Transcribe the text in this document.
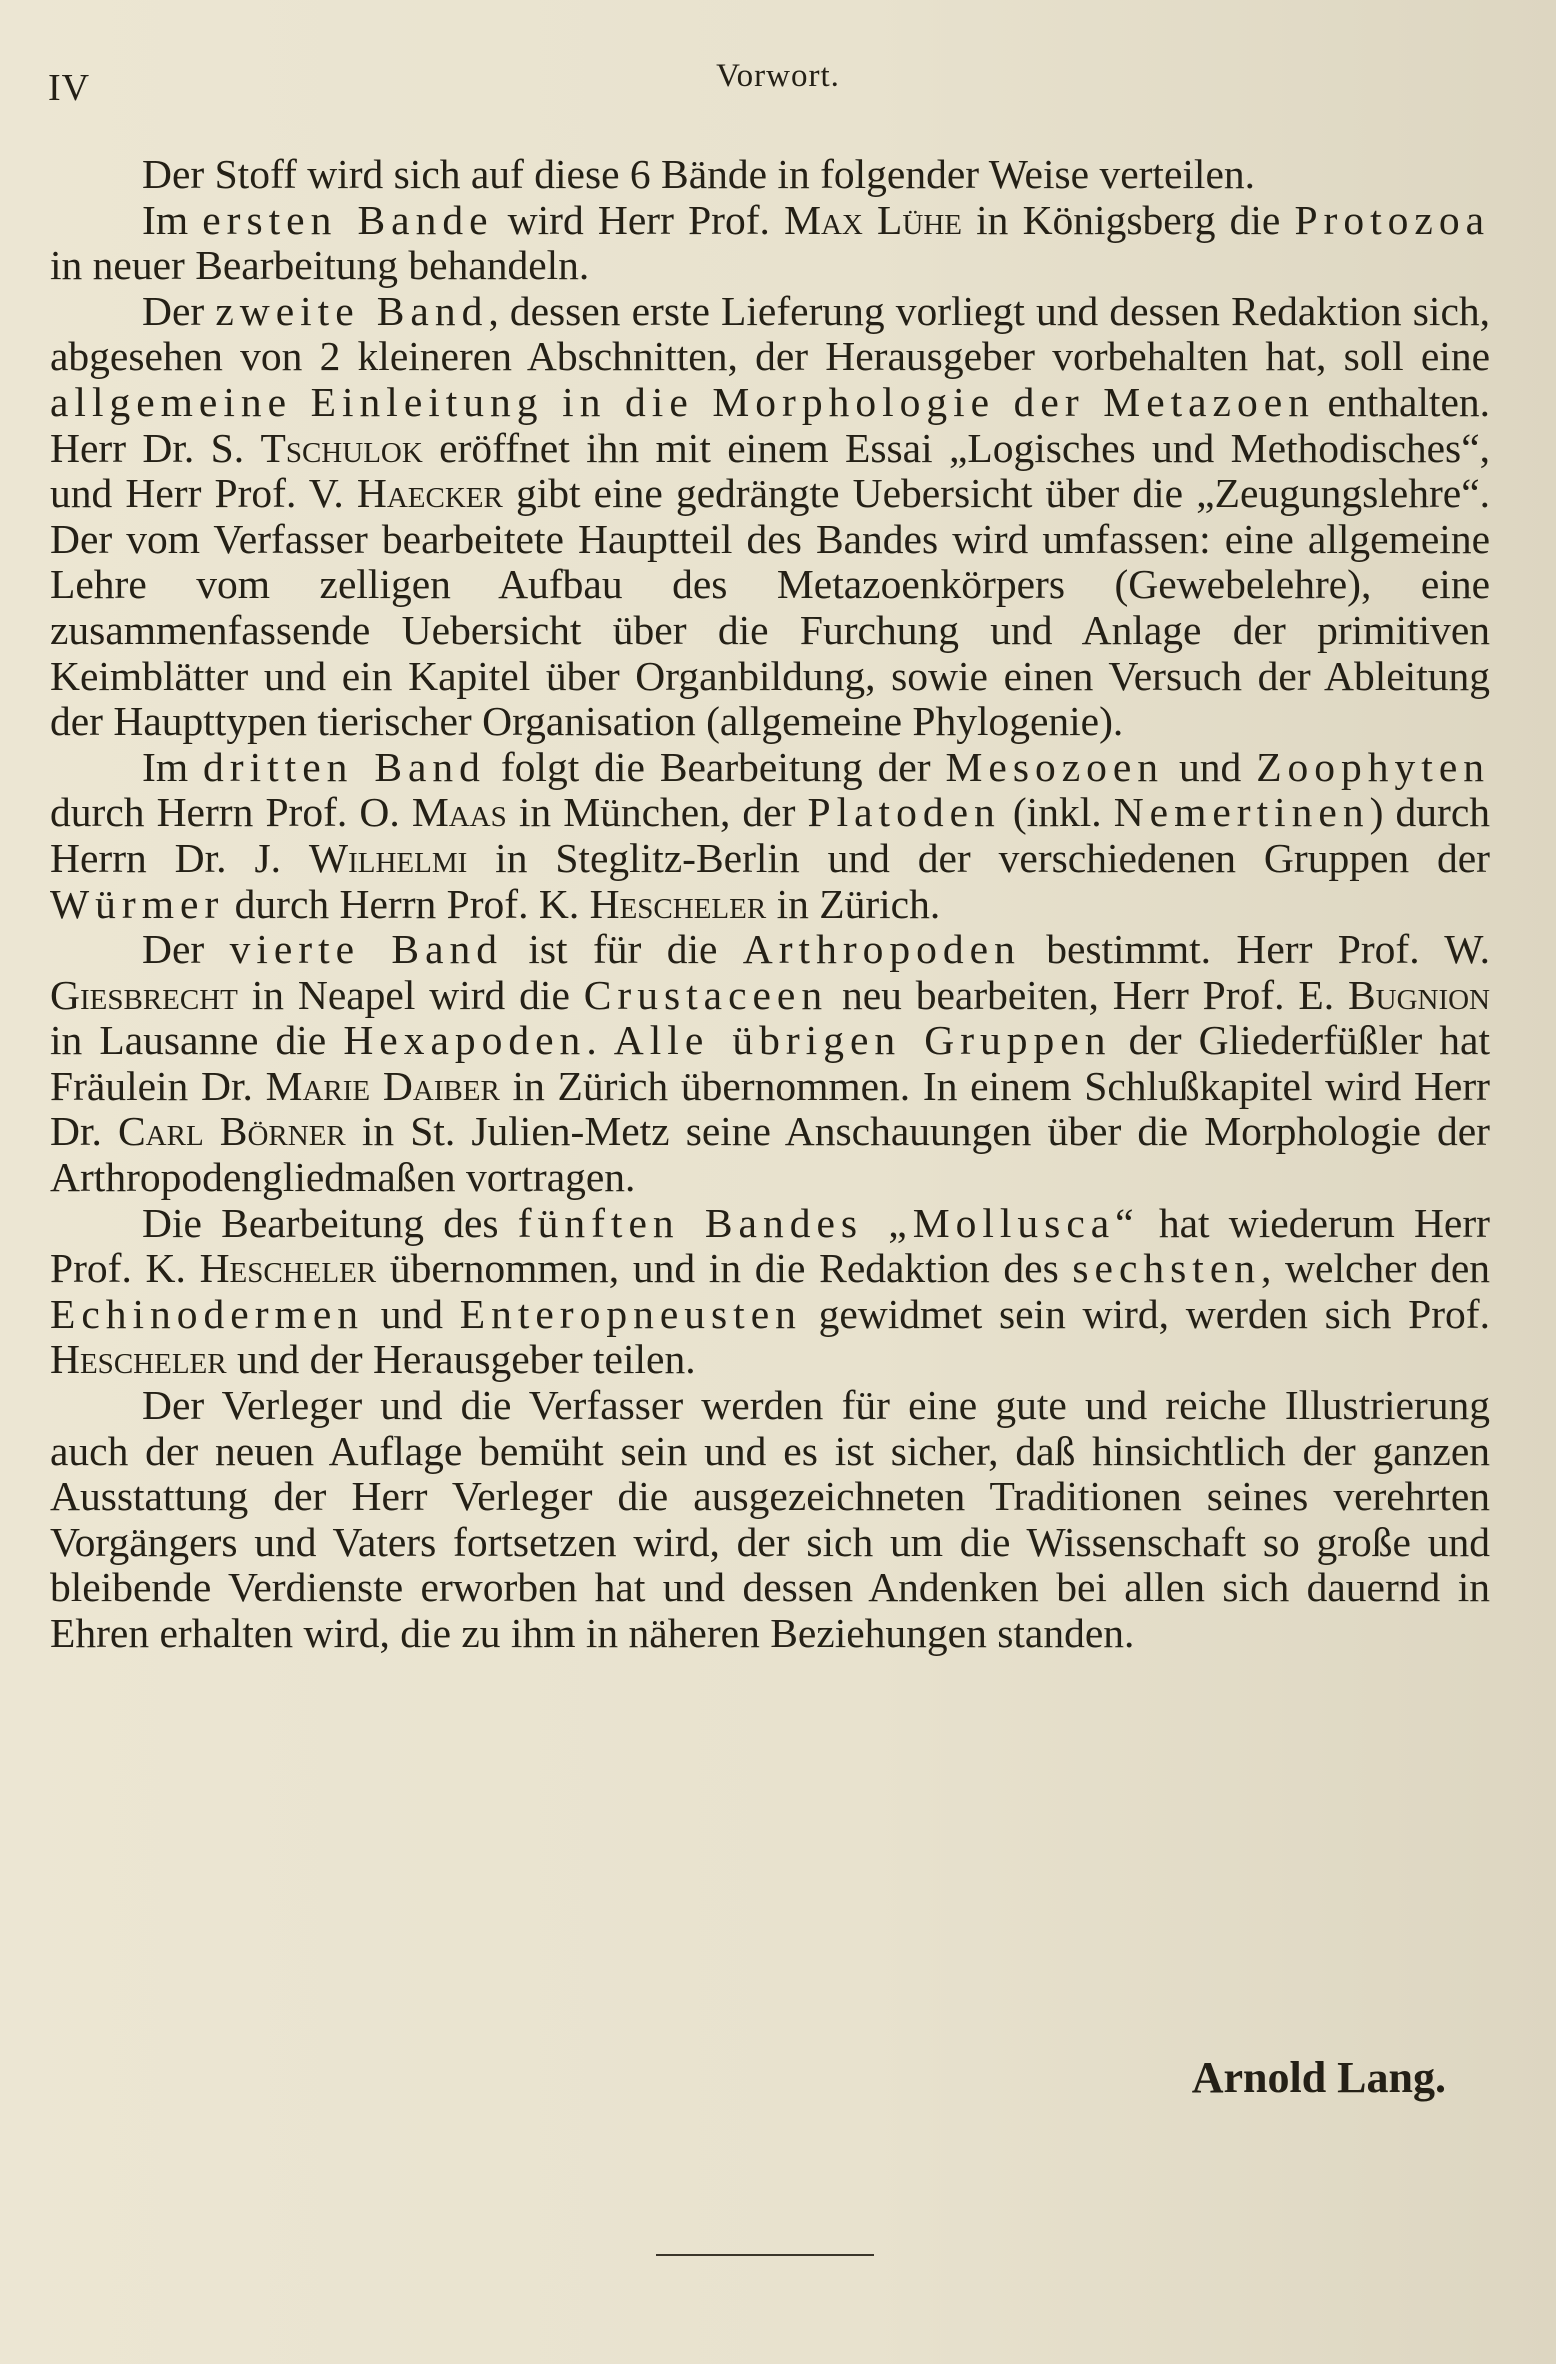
IV	Vorwort.

Der Stoff wird sich auf diese 6 Bände in folgender Weise verteilen.

Im ersten Bande wird Herr Prof. Max Lühe in Königsberg die Protozoa in neuer Bearbeitung behandeln.

Der zweite Band, dessen erste Lieferung vorliegt und dessen Redaktion sich, abgesehen von 2 kleineren Abschnitten, der Herausgeber vorbehalten hat, soll eine allgemeine Einleitung in die Morphologie der Metazoen enthalten. Herr Dr. S. Tschulok eröffnet ihn mit einem Essai „Logisches und Methodisches“, und Herr Prof. V. Haecker gibt eine gedrängte Uebersicht über die „Zeugungslehre“. Der vom Verfasser bearbeitete Hauptteil des Bandes wird umfassen: eine allgemeine Lehre vom zelligen Aufbau des Metazoenkörpers (Gewebelehre), eine zusammenfassende Uebersicht über die Furchung und Anlage der primitiven Keimblätter und ein Kapitel über Organbildung, sowie einen Versuch der Ableitung der Haupttypen tierischer Organisation (allgemeine Phylogenie).

Im dritten Band folgt die Bearbeitung der Mesozoen und Zoophyten durch Herrn Prof. O. Maas in München, der Platoden (inkl. Nemertinen) durch Herrn Dr. J. Wilhelmi in Steglitz-Berlin und der verschiedenen Gruppen der Würmer durch Herrn Prof. K. Hescheler in Zürich.

Der vierte Band ist für die Arthropoden bestimmt. Herr Prof. W. Giesbrecht in Neapel wird die Crustaceen neu bearbeiten, Herr Prof. E. Bugnion in Lausanne die Hexapoden. Alle übrigen Gruppen der Gliederfüßler hat Fräulein Dr. Marie Daiber in Zürich übernommen. In einem Schlußkapitel wird Herr Dr. Carl Börner in St. Julien-Metz seine Anschauungen über die Morphologie der Arthropodengliedmaßen vortragen.

Die Bearbeitung des fünften Bandes „Mollusca“ hat wiederum Herr Prof. K. Hescheler übernommen, und in die Redaktion des sechsten, welcher den Echinodermen und Enteropneusten gewidmet sein wird, werden sich Prof. Hescheler und der Herausgeber teilen.

Der Verleger und die Verfasser werden für eine gute und reiche Illustrierung auch der neuen Auflage bemüht sein und es ist sicher, daß hinsichtlich der ganzen Ausstattung der Herr Verleger die ausgezeichneten Traditionen seines verehrten Vorgängers und Vaters fortsetzen wird, der sich um die Wissenschaft so große und bleibende Verdienste erworben hat und dessen Andenken bei allen sich dauernd in Ehren erhalten wird, die zu ihm in näheren Beziehungen standen.

Arnold Lang.
